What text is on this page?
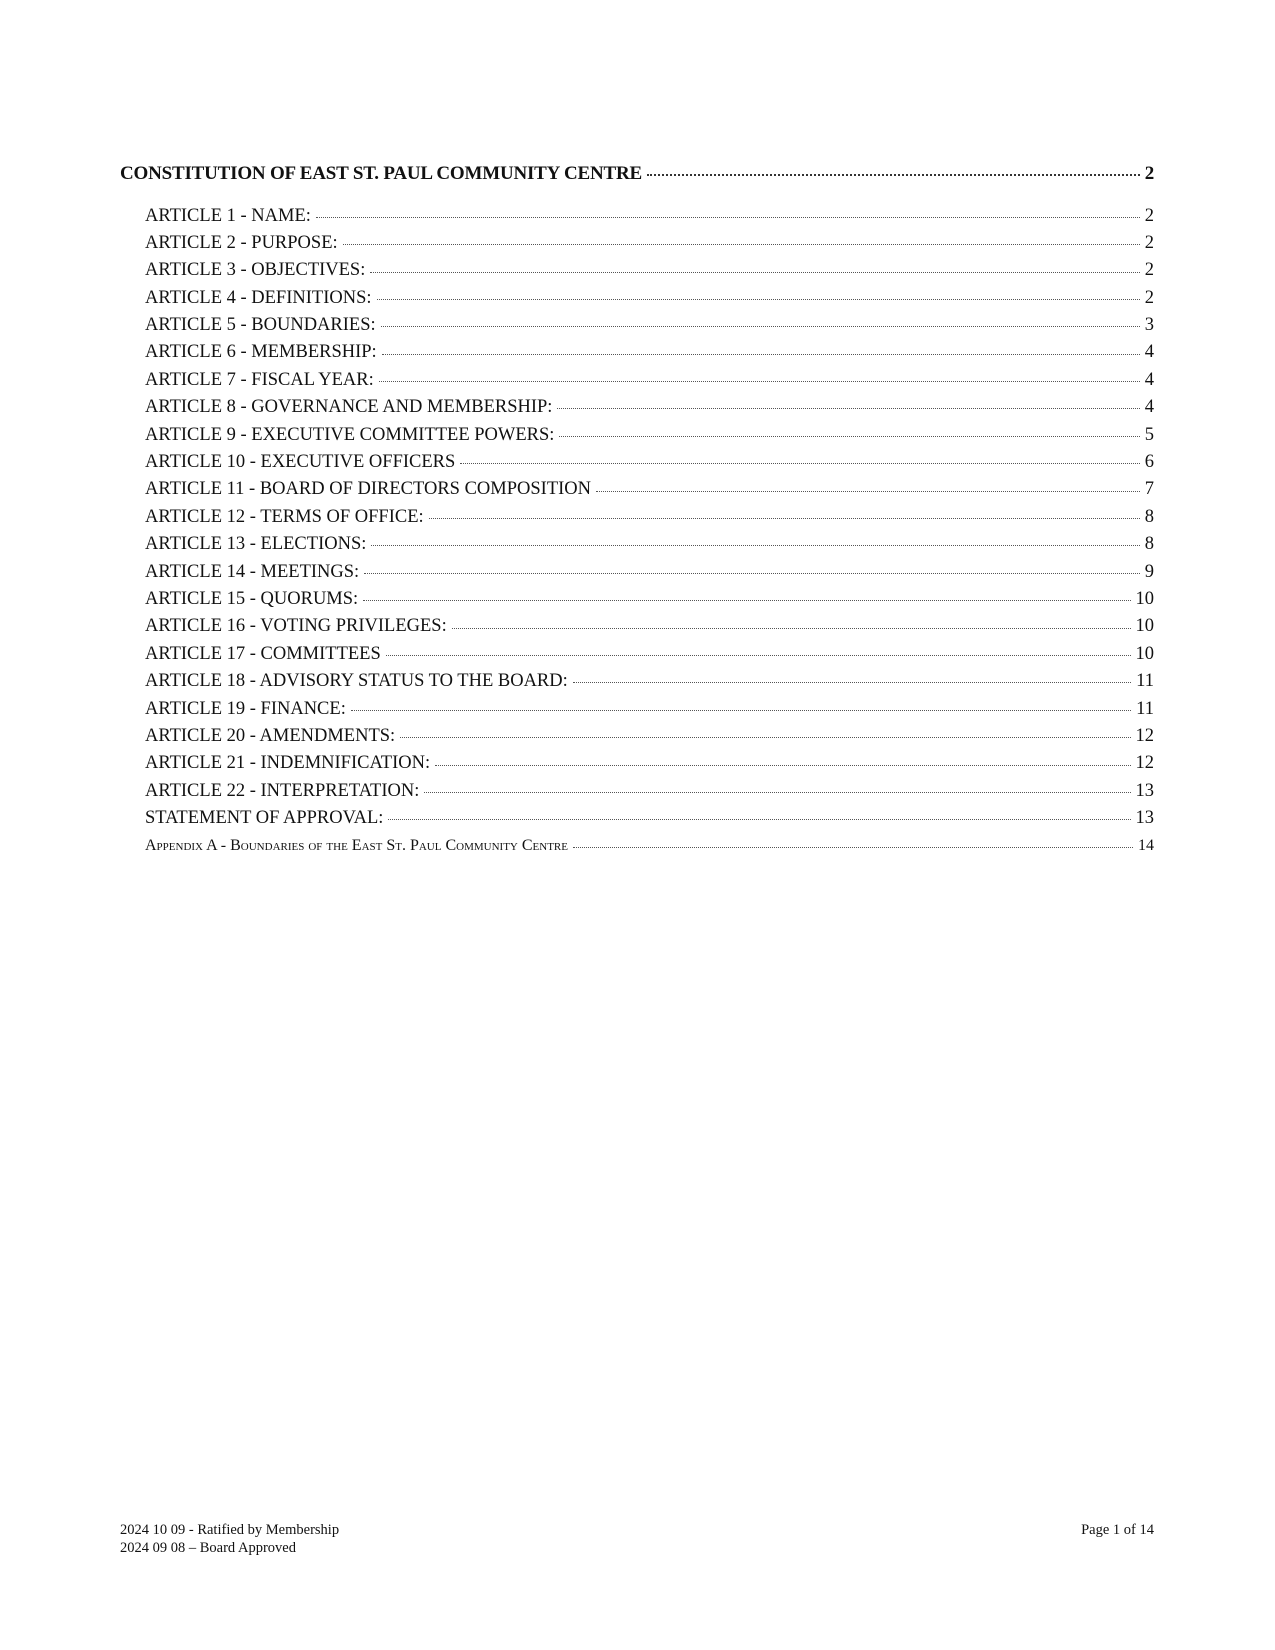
CONSTITUTION OF EAST ST. PAUL COMMUNITY CENTRE	2
ARTICLE 1 - NAME:	2
ARTICLE 2 - PURPOSE:	2
ARTICLE 3 - OBJECTIVES:	2
ARTICLE 4 - DEFINITIONS:	2
ARTICLE 5 - BOUNDARIES:	3
ARTICLE 6 - MEMBERSHIP:	4
ARTICLE 7 - FISCAL YEAR:	4
ARTICLE 8 - GOVERNANCE AND MEMBERSHIP:	4
ARTICLE 9 - EXECUTIVE COMMITTEE POWERS:	5
ARTICLE 10 - EXECUTIVE OFFICERS	6
ARTICLE 11 - BOARD OF DIRECTORS COMPOSITION	7
ARTICLE 12 - TERMS OF OFFICE:	8
ARTICLE 13 - ELECTIONS:	8
ARTICLE 14 - MEETINGS:	9
ARTICLE 15 - QUORUMS:	10
ARTICLE 16 - VOTING PRIVILEGES:	10
ARTICLE 17 - COMMITTEES	10
ARTICLE 18 - ADVISORY STATUS TO THE BOARD:	11
ARTICLE 19 - FINANCE:	11
ARTICLE 20 - AMENDMENTS:	12
ARTICLE 21 - INDEMNIFICATION:	12
ARTICLE 22 - INTERPRETATION:	13
STATEMENT OF APPROVAL:	13
Appendix A - Boundaries of the East St. Paul Community Centre	14
2024 10 09 - Ratified by Membership
2024 09 08 – Board Approved
Page 1 of 14
